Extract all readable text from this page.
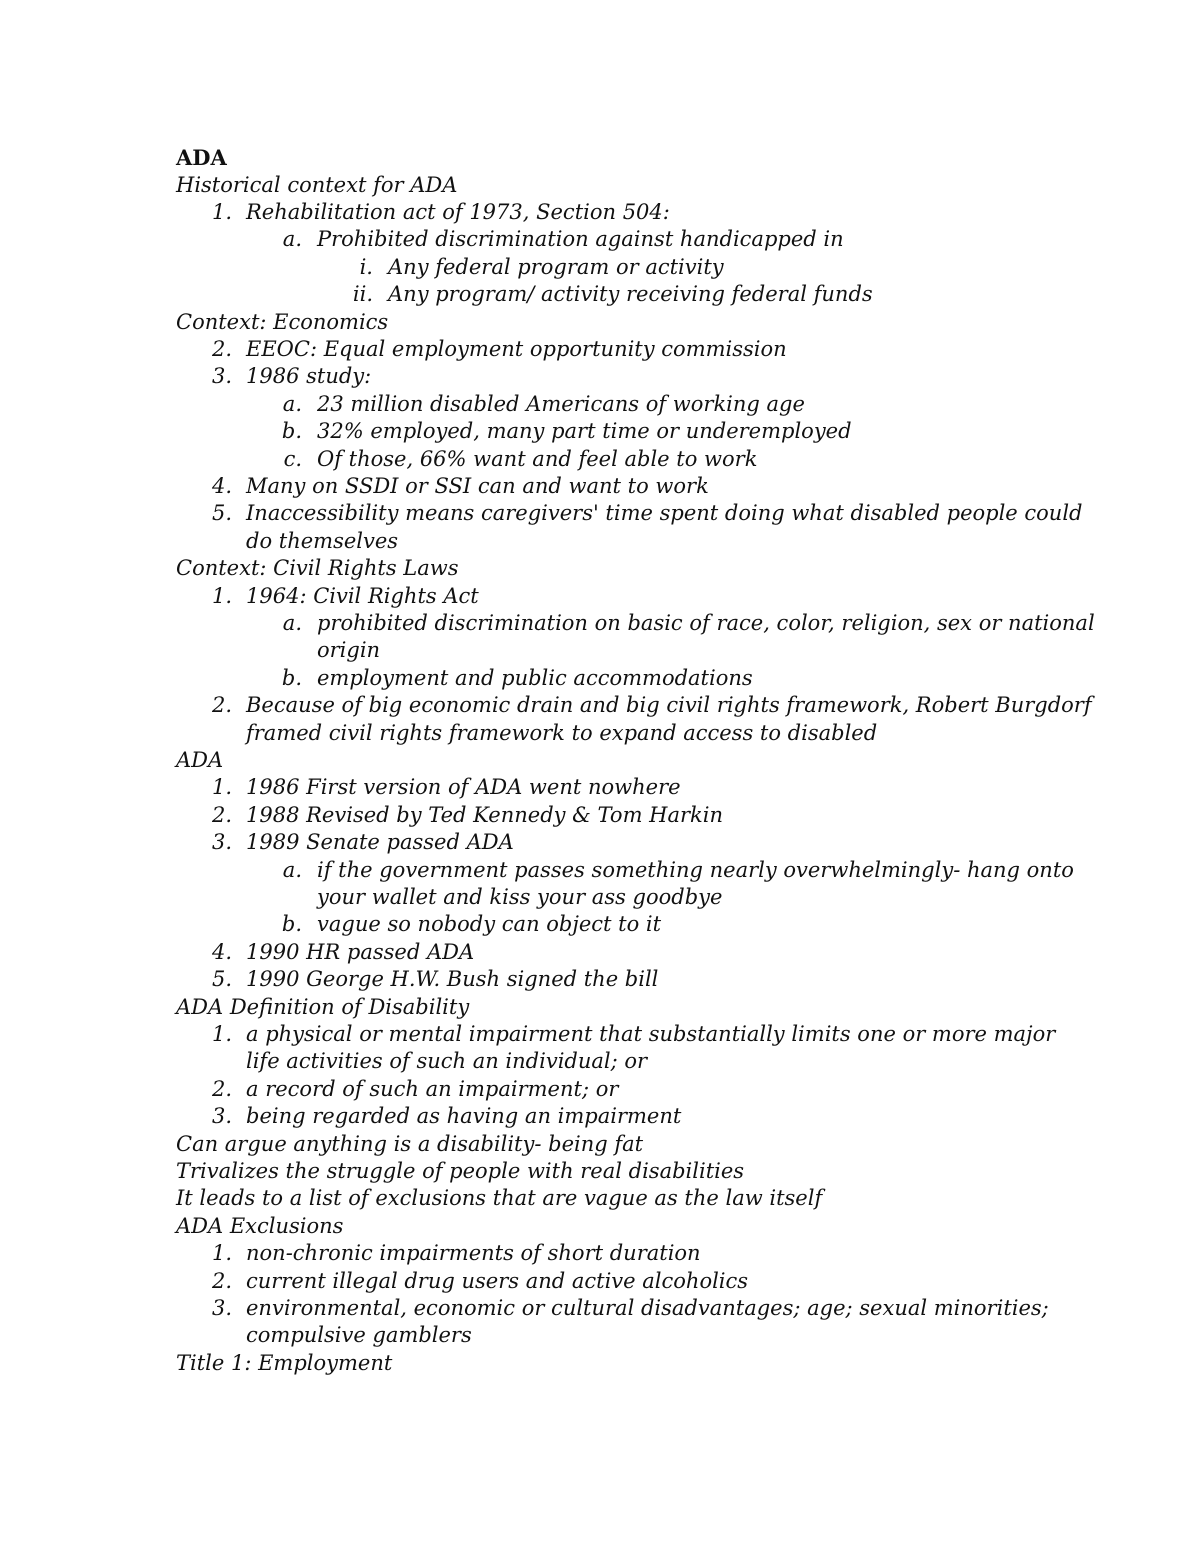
ADA
Historical context for ADA
1. Rehabilitation act of 1973, Section 504:
a. Prohibited discrimination against handicapped in
i. Any federal program or activity
ii. Any program/ activity receiving federal funds
Context: Economics
2. EEOC: Equal employment opportunity commission
3. 1986 study:
a. 23 million disabled Americans of working age
b. 32% employed, many part time or underemployed
c. Of those, 66% want and feel able to work
4. Many on SSDI or SSI can and want to work
5. Inaccessibility means caregivers' time spent doing what disabled people could
do themselves
Context: Civil Rights Laws
1. 1964: Civil Rights Act
a. prohibited discrimination on basic of race, color, religion, sex or national
origin
b. employment and public accommodations
2. Because of big economic drain and big civil rights framework, Robert Burgdorf
framed civil rights framework to expand access to disabled
ADA
1. 1986 First version of ADA went nowhere
2. 1988 Revised by Ted Kennedy & Tom Harkin
3. 1989 Senate passed ADA
a. if the government passes something nearly overwhelmingly- hang onto
your wallet and kiss your ass goodbye
b. vague so nobody can object to it
4. 1990 HR passed ADA
5. 1990 George H.W. Bush signed the bill
ADA Definition of Disability
1. a physical or mental impairment that substantially limits one or more major
life activities of such an individual; or
2. a record of such an impairment; or
3. being regarded as having an impairment
Can argue anything is a disability- being fat
Trivalizes the struggle of people with real disabilities
It leads to a list of exclusions that are vague as the law itself
ADA Exclusions
1. non-chronic impairments of short duration
2. current illegal drug users and active alcoholics
3. environmental, economic or cultural disadvantages; age; sexual minorities;
compulsive gamblers
Title 1: Employment
